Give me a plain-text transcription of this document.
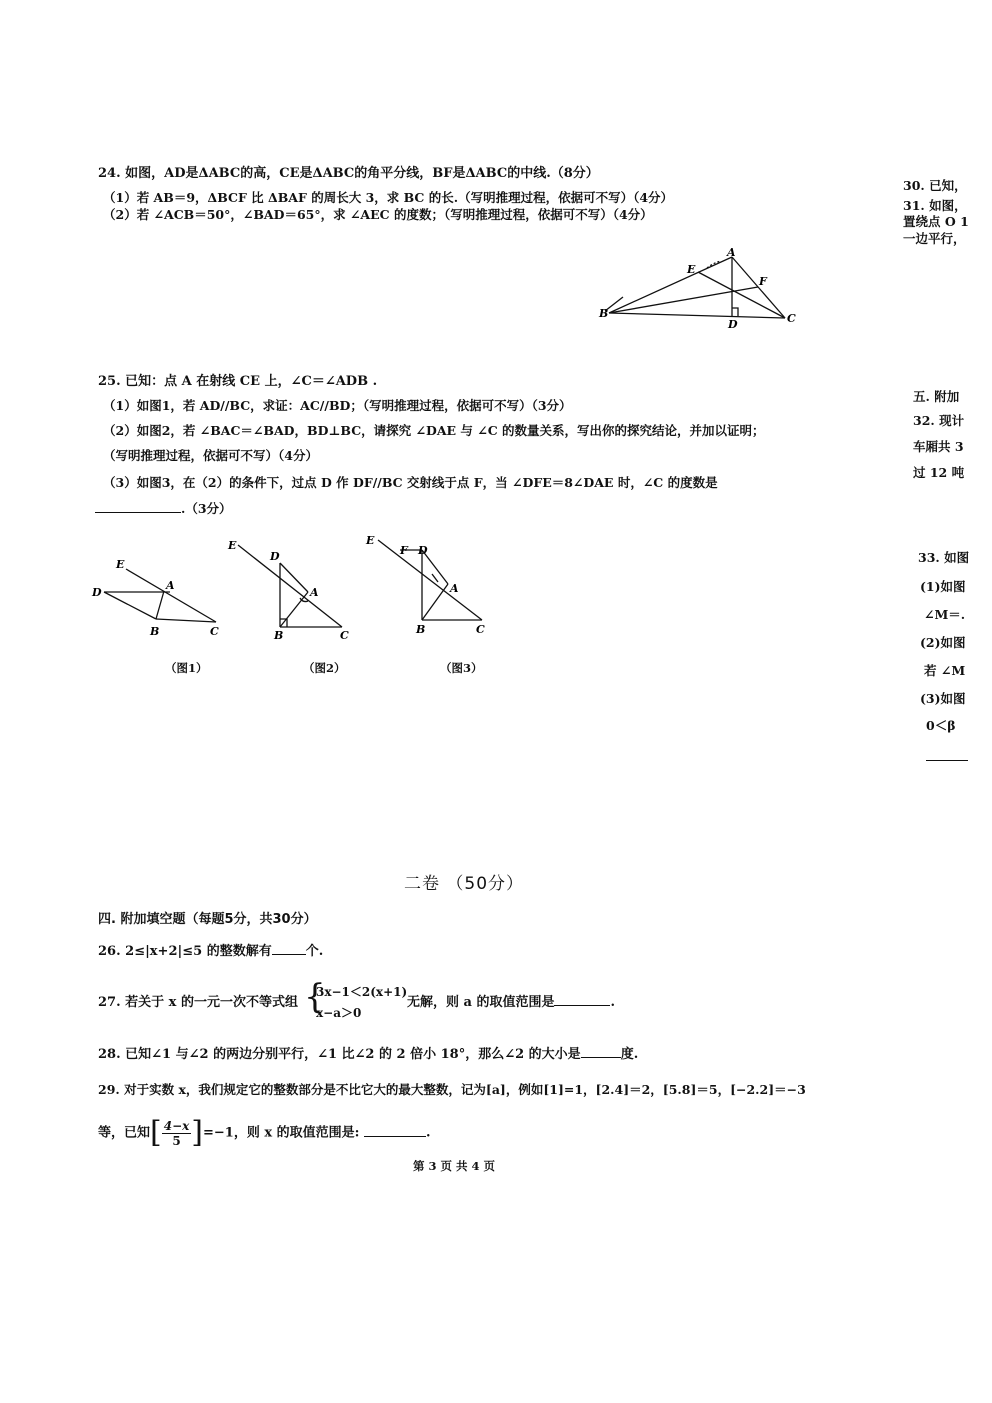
24. 如图，AD是ΔABC的高，CE是ΔABC的角平分线，BF是ΔABC的中线.（8分）
（1）若 AB＝9，ΔBCF 比 ΔBAF 的周长大 3，求 BC 的长.（写明推理过程，依据可不写）（4分）
（2）若 ∠ACB＝50°，∠BAD＝65°，求 ∠AEC 的度数；（写明推理过程，依据可不写）（4分）
A
B	C
D
E
F
25. 已知：点 A 在射线 CE 上，∠C＝∠ADB .
（1）如图1，若 AD//BC，求证：AC//BD；（写明推理过程，依据可不写）（3分）
（2）如图2，若 ∠BAC＝∠BAD，BD⊥BC，请探究 ∠DAE 与 ∠C 的数量关系，写出你的探究结论，并加以证明；
（写明推理过程，依据可不写）（4分）
（3）如图3，在（2）的条件下，过点 D 作 DF//BC 交射线于点 F，当 ∠DFE＝8∠DAE 时，∠C 的度数是
.（3分）
E
D
A
B	C
（图1）
E
D
A
B	C
（图2）
E
F D
A
B	C
（图3）
30. 已知，
31. 如图，
置绕点 O 1
一边平行，
五. 附加
32. 现计
车厢共 3
过 12 吨
33. 如图
(1)如图
∠M＝.
(2)如图
若 ∠M
(3)如图
0＜β
二卷 （50分）
四. 附加填空题（每题5分，共30分）
26. 2≤|x+2|≤5 的整数解有	个.
27. 若关于 x 的一元一次不等式组 {
3x−1＜2(x+1)
x−a＞0
无解，则 a 的取值范围是	.
28. 已知∠1 与∠2 的两边分别平行，∠1 比∠2 的 2 倍小 18°，那么∠2 的大小是	度.
29. 对于实数 x，我们规定它的整数部分是不比它大的最大整数，记为[a]，例如[1]=1，[2.4]＝2，[5.8]＝5，[−2.2]＝−3
等，已知[ $\frac{4-x}{5} ]=-1$，则 x 的取值范围是:	.
第 3 页 共 4 页
